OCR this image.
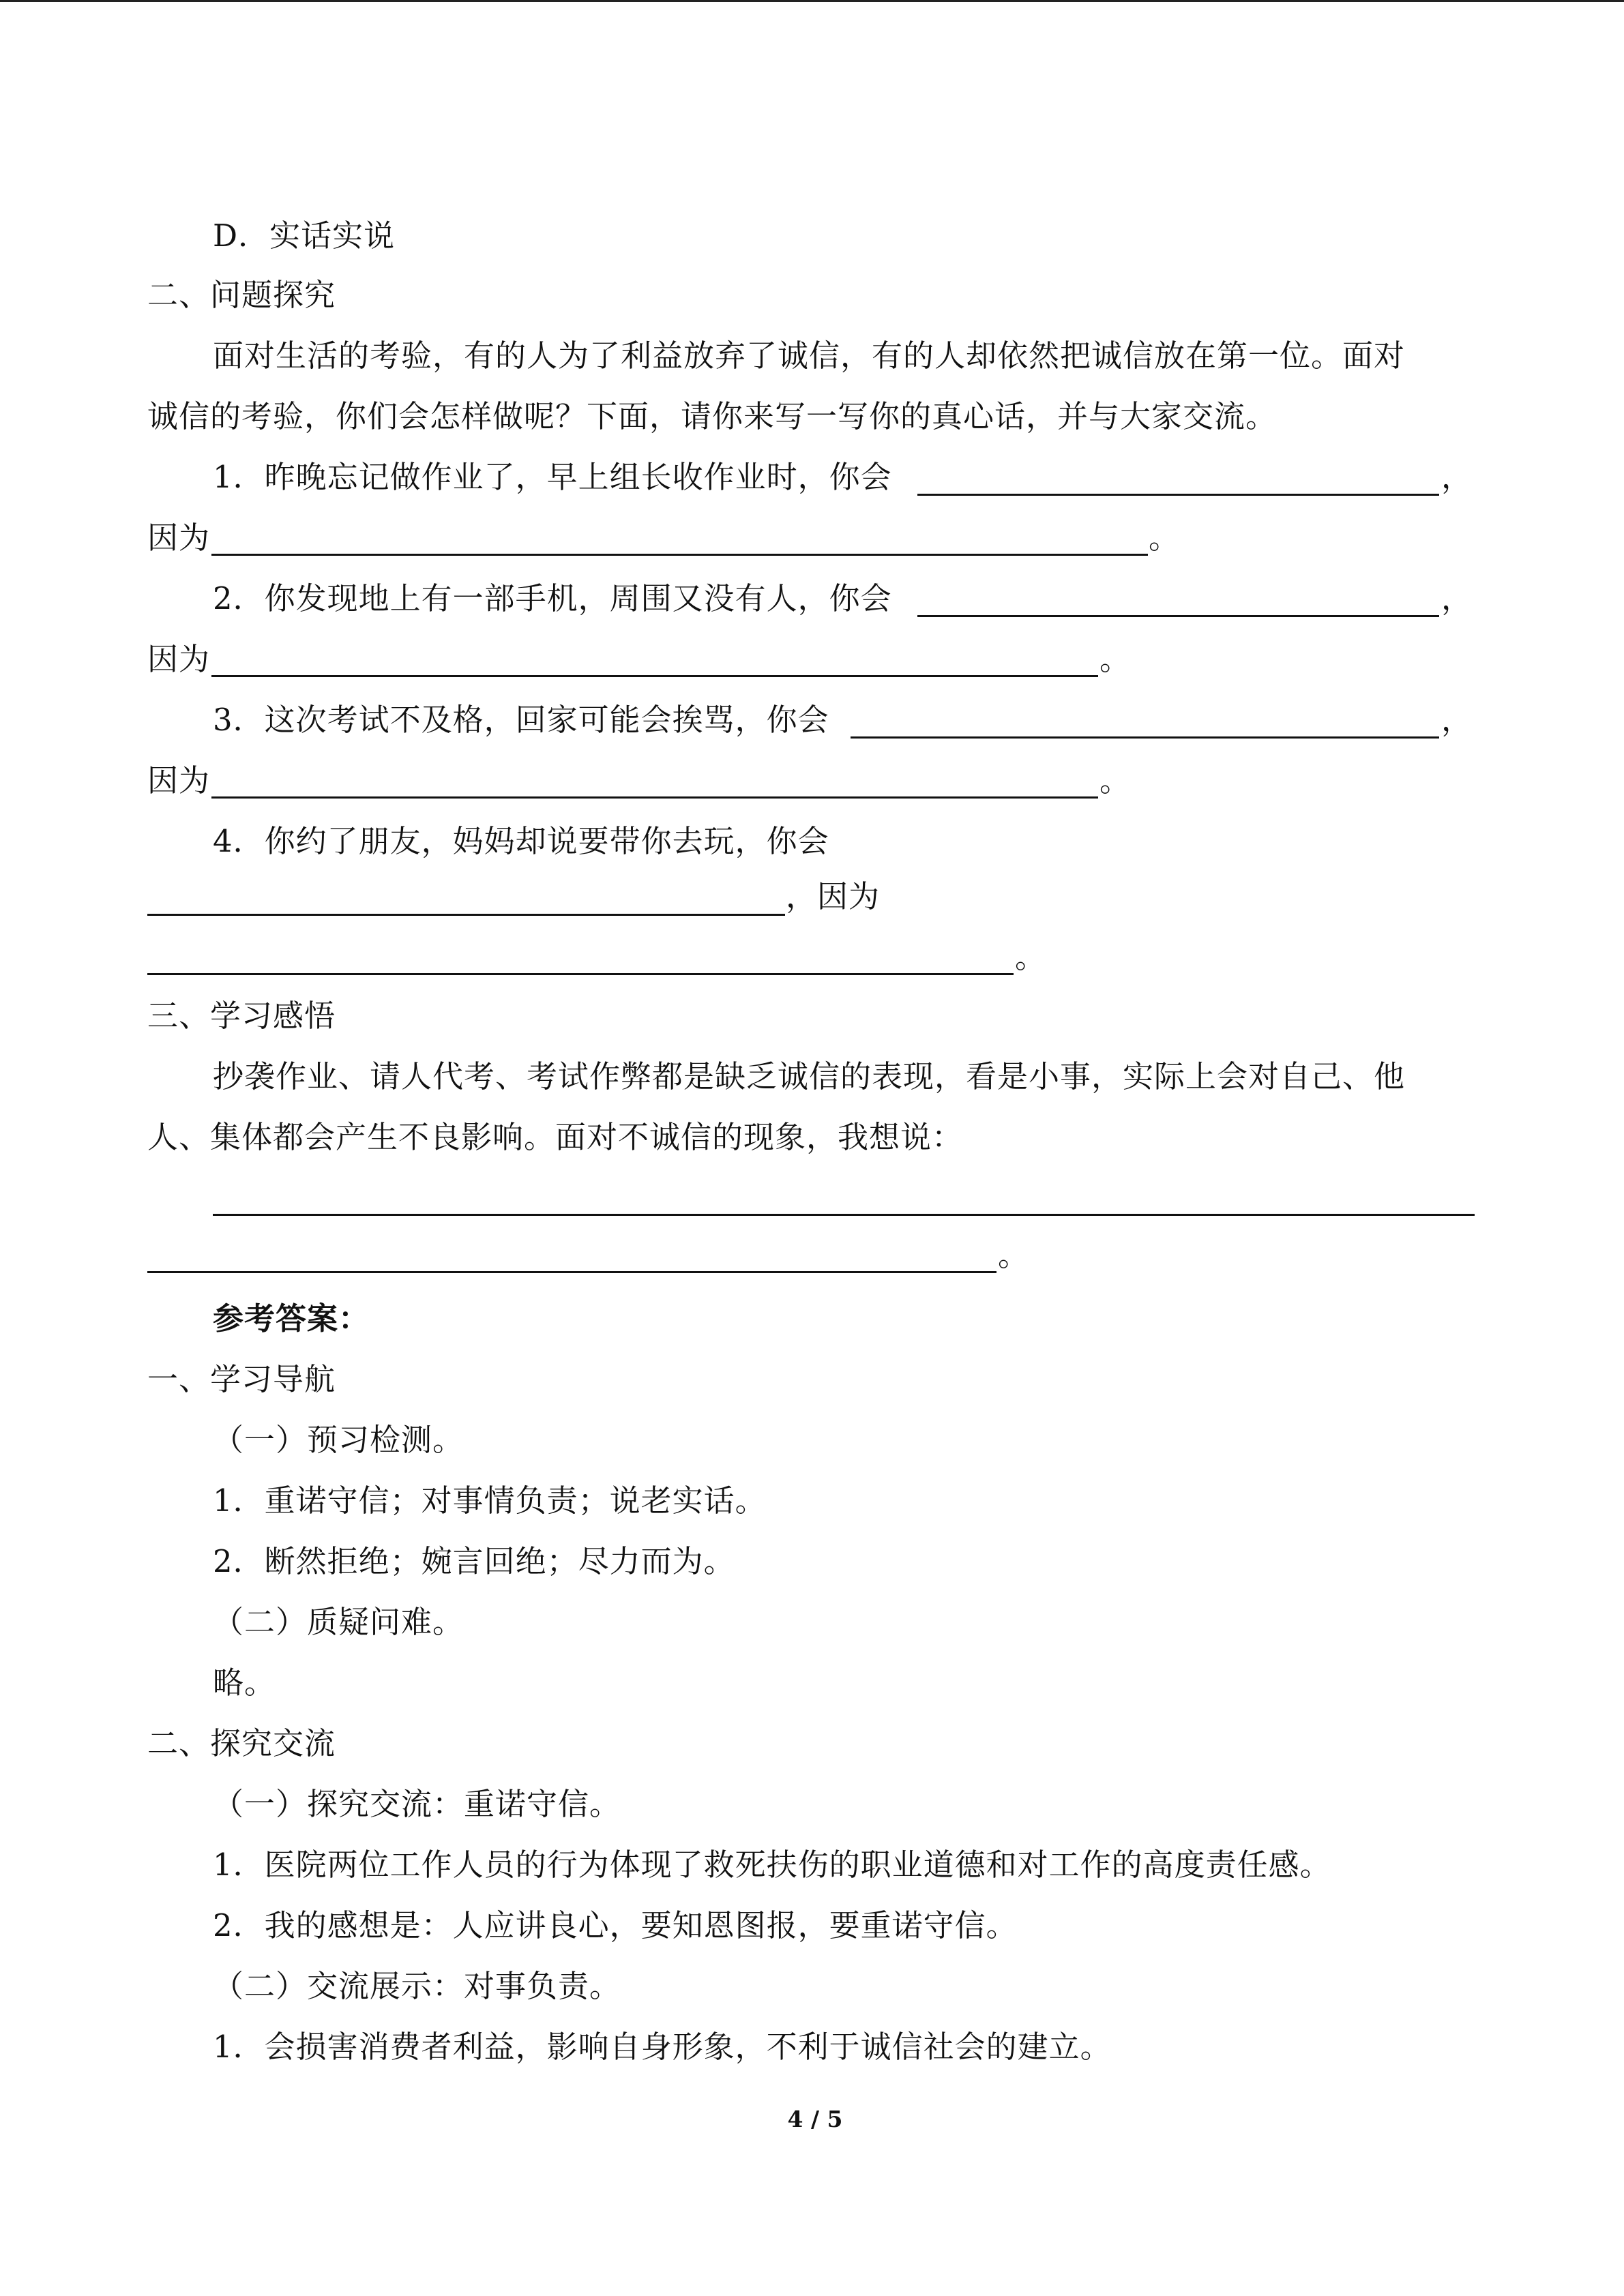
D．实话实说
二、问题探究
面对生活的考验，有的人为了利益放弃了诚信，有的人却依然把诚信放在第一位。面对
诚信的考验，你们会怎样做呢？下面，请你来写一写你的真心话，并与大家交流。
1．昨晚忘记做作业了，早上组长收作业时，你会	，
因为	。
2．你发现地上有一部手机，周围又没有人，你会	，
因为	。
3．这次考试不及格，回家可能会挨骂，你会	，
因为	。
4．你约了朋友，妈妈却说要带你去玩，你会
，因为
。
三、学习感悟
抄袭作业、请人代考、考试作弊都是缺乏诚信的表现，看是小事，实际上会对自己、他
人、集体都会产生不良影响。面对不诚信的现象，我想说：
。
参考答案：
一、学习导航
（一）预习检测。
1．重诺守信；对事情负责；说老实话。
2．断然拒绝；婉言回绝；尽力而为。
（二）质疑问难。
略。
二、探究交流
（一）探究交流：重诺守信。
1．医院两位工作人员的行为体现了救死扶伤的职业道德和对工作的高度责任感。
2．我的感想是：人应讲良心，要知恩图报，要重诺守信。
（二）交流展示：对事负责。
1．会损害消费者利益，影响自身形象，不利于诚信社会的建立。
4 / 5
